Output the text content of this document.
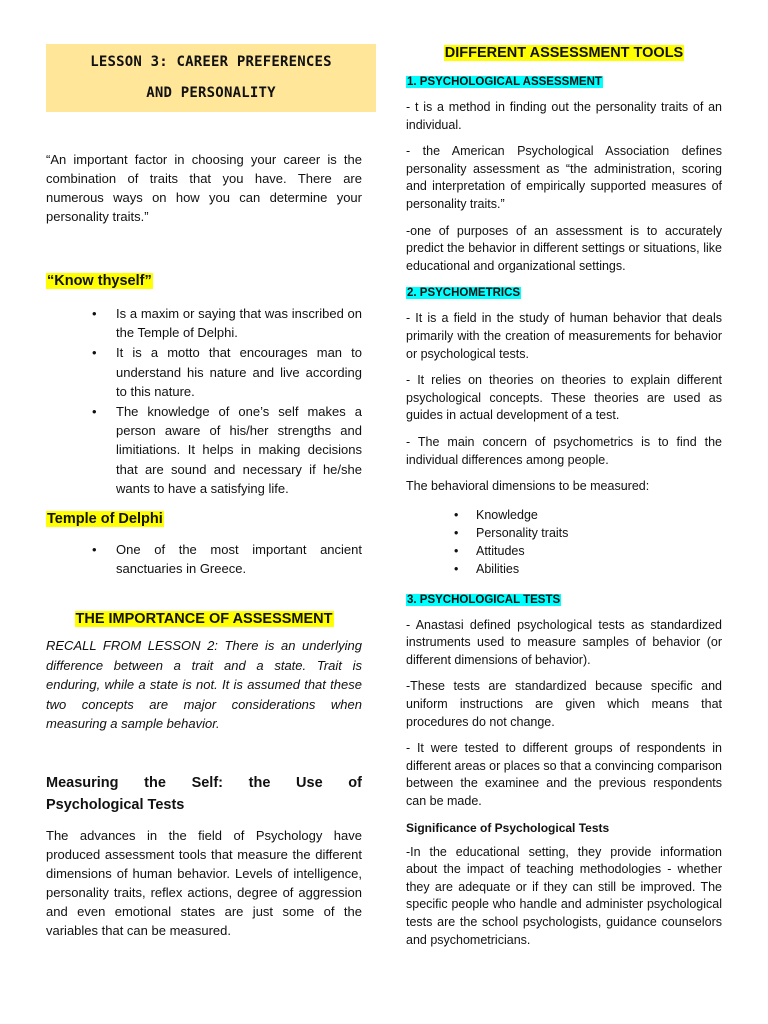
LESSON 3: CAREER PREFERENCES
AND PERSONALITY

“An important factor in choosing your career is the combination of traits that you have. There are numerous ways on how you can determine your personality traits.”

“Know thyself”
• Is a maxim or saying that was inscribed on the Temple of Delphi.
• It is a motto that encourages man to understand his nature and live according to this nature.
• The knowledge of one’s self makes a person aware of his/her strengths and limitiations. It helps in making decisions that are sound and necessary if he/she wants to have a satisfying life.
Temple of Delphi
• One of the most important ancient sanctuaries in Greece.
THE IMPORTANCE OF ASSESSMENT

RECALL FROM LESSON 2: There is an underlying difference between a trait and a state. Trait is enduring, while a state is not. It is assumed that these two concepts are major considerations when measuring a sample behavior.

Measuring the Self: the Use of
Psychological Tests

The advances in the field of Psychology have produced assessment tools that measure the different dimensions of human behavior. Levels of intelligence, personality traits, reflex actions, degree of aggression and even emotional states are just some of the variables that can be measured.

DIFFERENT ASSESSMENT TOOLS
1. PSYCHOLOGICAL ASSESSMENT

- t is a method in finding out the personality traits of an individual.

- the American Psychological Association defines personality assessment as “the administration, scoring and interpretation of empirically supported measures of personality traits.”

-one of purposes of an assessment is to accurately predict the behavior in different settings or situations, like educational and organizational settings.

2. PSYCHOMETRICS

- It is a field in the study of human behavior that deals primarily with the creation of measurements for behavior or psychological tests.

- It relies on theories on theories to explain different psychological concepts. These theories are used as guides in actual development of a test.

- The main concern of psychometrics is to find the individual differences among people.

The behavioral dimensions to be measured:

• Knowledge
• Personality traits
• Attitudes
• Abilities
3. PSYCHOLOGICAL TESTS

- Anastasi defined psychological tests as standardized instruments used to measure samples of behavior (or different dimensions of behavior).

-These tests are standardized because specific and uniform instructions are given which means that procedures do not change.

- It were tested to different groups of respondents in different areas or places so that a convincing comparison between the examinee and the previous respondents can be made.

Significance of Psychological Tests

-In the educational setting, they provide information about the impact of teaching methodologies - whether they are adequate or if they can still be improved. The specific people who handle and administer psychological tests are the school psychologists, guidance counselors and psychometricians.
